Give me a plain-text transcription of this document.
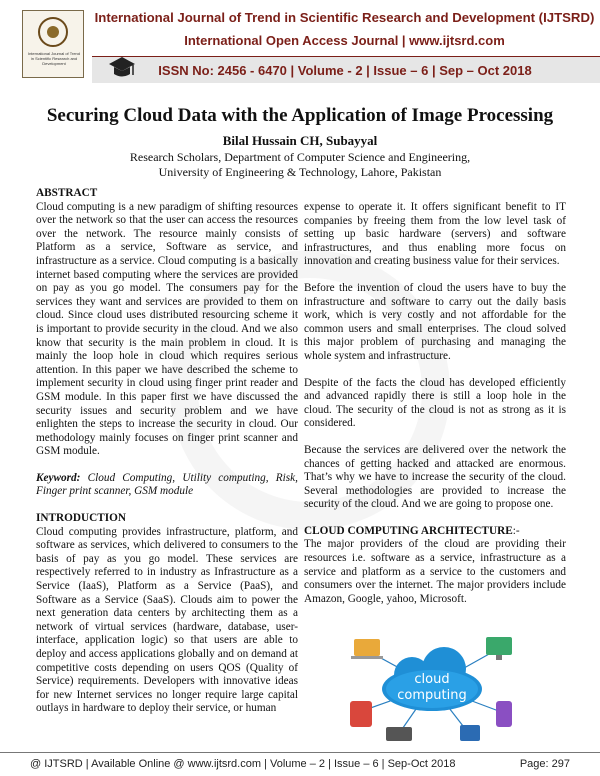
International Journal of Trend in Scientific Research and Development
International Journal of Trend in Scientific Research and Development (IJTSRD)
International Open Access Journal | www.ijtsrd.com
ISSN No: 2456 - 6470 | Volume - 2 | Issue – 6 | Sep – Oct 2018
Securing Cloud Data with the Application of Image Processing
Bilal Hussain CH, Subayyal
Research Scholars, Department of Computer Science and Engineering,
University of Engineering & Technology, Lahore, Pakistan
ABSTRACT

Cloud computing is a new paradigm of shifting resources over the network so that the user can access the resources over the network. The resource mainly consists of Platform as a service, Software as service, and infrastructure as a service. Cloud computing is a basically internet based computing where the services are provided on pay as you go model. The consumers pay for the services they want and services are provided to them on cloud. Since cloud uses distributed resourcing scheme it is important to provide security in the cloud. And we also know that security is the main problem in cloud. It is mainly the loop hole in cloud which requires serious attention. In this paper we have described the scheme to implement security in cloud using finger print reader and GSM module. In this paper first we have discussed the security issues and security problem and we have enlighten the steps to increase the security in cloud. Our methodology mainly focuses on finger print scanner and GSM module.

Keyword: Cloud Computing, Utility computing, Risk, Finger print scanner, GSM module

INTRODUCTION

Cloud computing provides infrastructure, platform, and software as services, which delivered to consumers to the basis of pay as you go model. These services are respectively referred to in industry as Infrastructure as a Service (IaaS), Platform as a Service (PaaS), and Software as a Service (SaaS). Clouds aim to power the next generation data centers by architecting them as a network of virtual services (hardware, database, user-interface, application logic) so that users are able to deploy and access applications globally and on demand at competitive costs depending on users QOS (Quality of Service) requirements. Developers with innovative ideas for new Internet services no longer require large capital outlays in hardware to deploy their service, or human

expense to operate it. It offers significant benefit to IT companies by freeing them from the low level task of setting up basic hardware (servers) and software infrastructures, and thus enabling more focus on innovation and creating business value for their services.

Before the invention of cloud the users have to buy the infrastructure and software to carry out the daily basis work, which is very costly and not affordable for the common users and small enterprises. The cloud solved this major problem of purchasing and managing the whole system and infrastructure.

Despite of the facts the cloud has developed efficiently and advanced rapidly there is still a loop hole in the cloud. The security of the cloud is not as strong as it is considered.

Because the services are delivered over the network the chances of getting hacked and attacked are enormous. That’s why we have to increase the security of the cloud. Several methodologies are provided to increase the security of the cloud. And we are going to propose one.

CLOUD COMPUTING ARCHITECTURE:-

The major providers of the cloud are providing their resources i.e. software as a service, infrastructure as a service and platform as a service to the customers and consumers over the internet. The major providers include Amazon, Google, yahoo, Microsoft.

cloud
computing
@ IJTSRD | Available Online @ www.ijtsrd.com | Volume – 2 | Issue – 6 | Sep-Oct 2018	Page: 297
